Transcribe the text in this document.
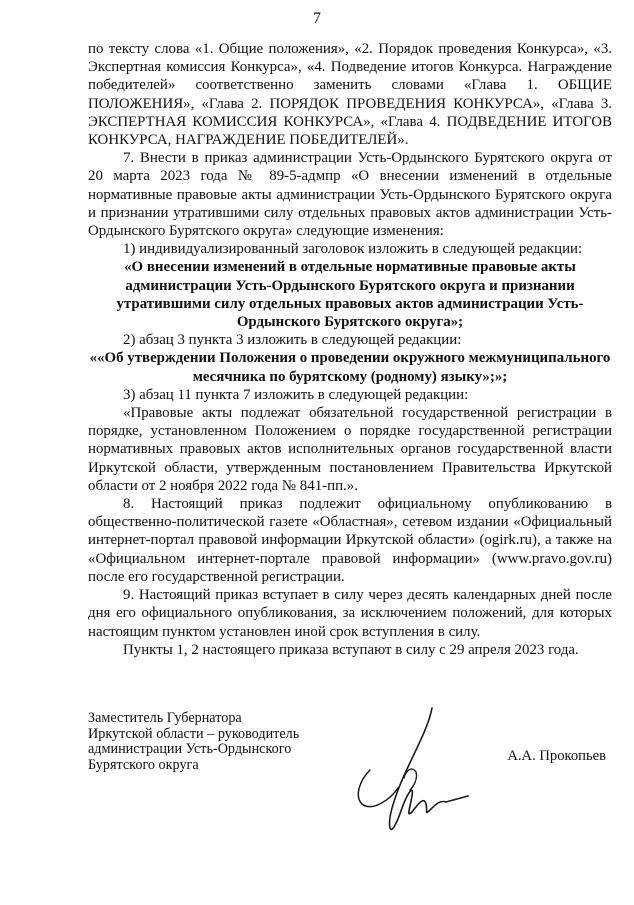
7

по тексту слова «1. Общие положения», «2. Порядок проведения Конкурса», «3. Экспертная комиссия Конкурса», «4. Подведение итогов Конкурса. Награждение победителей» соответственно заменить словами «Глава 1. ОБЩИЕ ПОЛОЖЕНИЯ», «Глава 2. ПОРЯДОК ПРОВЕДЕНИЯ КОНКУРСА», «Глава 3. ЭКСПЕРТНАЯ КОМИССИЯ КОНКУРСА», «Глава 4. ПОДВЕДЕНИЕ ИТОГОВ КОНКУРСА, НАГРАЖДЕНИЕ ПОБЕДИТЕЛЕЙ».

7. Внести в приказ администрации Усть-Ордынского Бурятского округа от 20 марта 2023 года № 89-5-адмпр «О внесении изменений в отдельные нормативные правовые акты администрации Усть-Ордынского Бурятского округа и признании утратившими силу отдельных правовых актов администрации Усть-Ордынского Бурятского округа» следующие изменения:

1) индивидуализированный заголовок изложить в следующей редакции:

«О внесении изменений в отдельные нормативные правовые акты администрации Усть-Ордынского Бурятского округа и признании утратившими силу отдельных правовых актов администрации Усть-Ордынского Бурятского округа»;

2) абзац 3 пункта 3 изложить в следующей редакции:

««Об утверждении Положения о проведении окружного межмуниципального месячника по бурятскому (родному) языку»;»;

3) абзац 11 пункта 7 изложить в следующей редакции:

«Правовые акты подлежат обязательной государственной регистрации в порядке, установленном Положением о порядке государственной регистрации нормативных правовых актов исполнительных органов государственной власти Иркутской области, утвержденным постановлением Правительства Иркутской области от 2 ноября 2022 года № 841-пп.».

8. Настоящий приказ подлежит официальному опубликованию в общественно-политической газете «Областная», сетевом издании «Официальный интернет-портал правовой информации Иркутской области» (ogirk.ru), а также на «Официальном интернет-портале правовой информации» (www.pravo.gov.ru) после его государственной регистрации.

9. Настоящий приказ вступает в силу через десять календарных дней после дня его официального опубликования, за исключением положений, для которых настоящим пунктом установлен иной срок вступления в силу.

Пункты 1, 2 настоящего приказа вступают в силу с 29 апреля 2023 года.

Заместитель Губернатора
Иркутской области – руководитель
администрации Усть-Ордынского
Бурятского округа
А.А. Прокопьев
